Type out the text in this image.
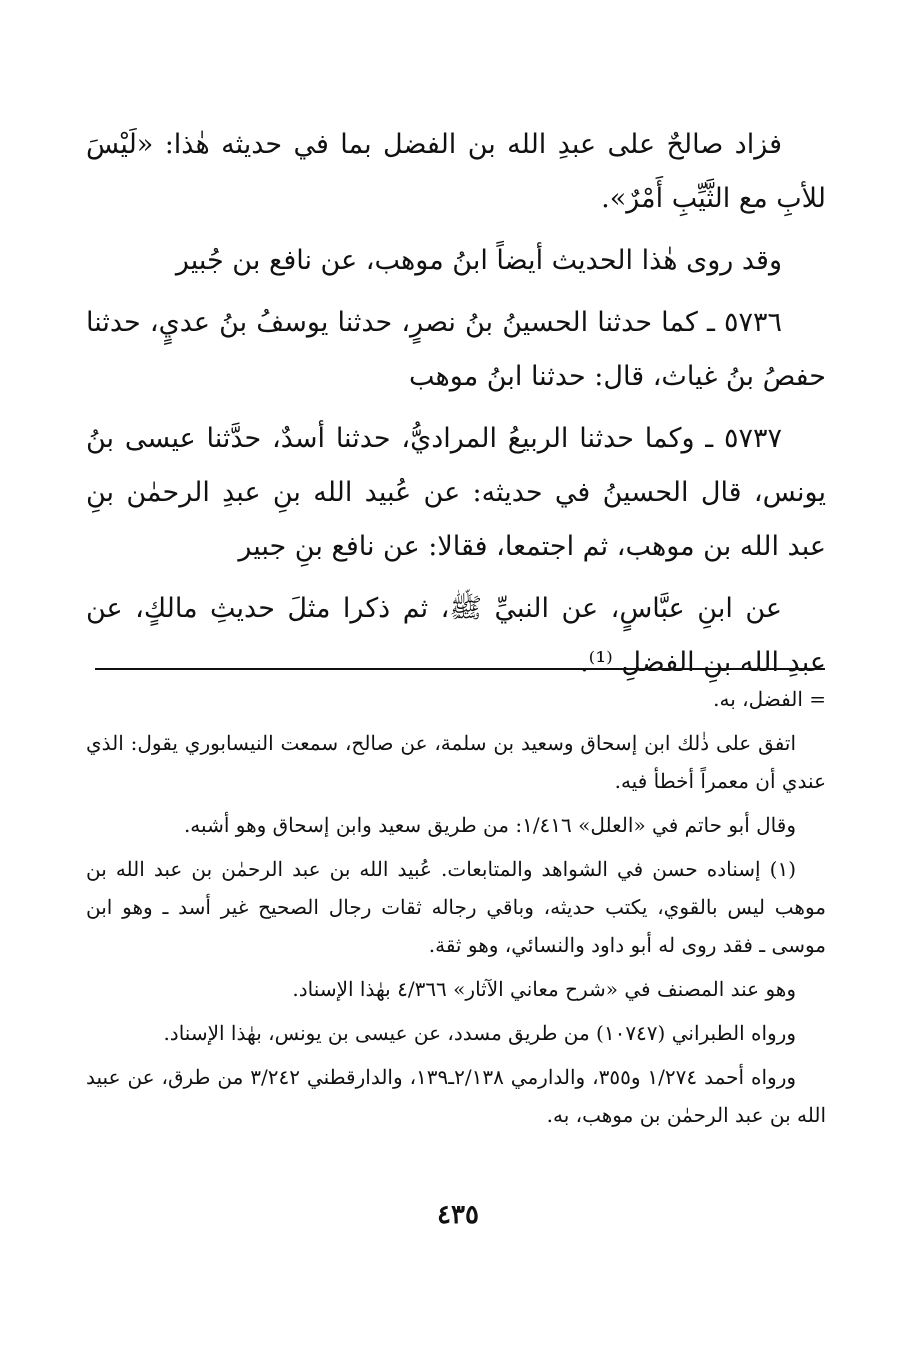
فزاد صالحٌ على عبدِ الله بن الفضل بما في حديثه هٰذا: «لَيْسَ للأبِ مع الثَّيِّبِ أَمْرٌ».

وقد روى هٰذا الحديث أيضاً ابنُ موهب، عن نافع بن جُبير

٥٧٣٦ ـ كما حدثنا الحسينُ بنُ نصرٍ، حدثنا يوسفُ بنُ عديٍ، حدثنا حفصُ بنُ غياث، قال: حدثنا ابنُ موهب

٥٧٣٧ ـ وكما حدثنا الربيعُ المراديُّ، حدثنا أسدٌ، حدَّثنا عيسى بنُ يونس، قال الحسينُ في حديثه: عن عُبيد الله بنِ عبدِ الرحمٰن بنِ عبد الله بن موهب، ثم اجتمعا، فقالا: عن نافع بنِ جبير

عن ابنِ عبَّاسٍ، عن النبيِّ ﷺ، ثم ذكرا مثلَ حديثِ مالكٍ، عن عبدِ الله بنِ الفضلِ ⁽¹⁾.

= الفضل، به.

اتفق على ذٰلك ابن إسحاق وسعيد بن سلمة، عن صالح، سمعت النيسابوري يقول: الذي عندي أن معمراً أخطأ فيه.

وقال أبو حاتم في «العلل» ١/٤١٦: من طريق سعيد وابن إسحاق وهو أشبه.

(١) إسناده حسن في الشواهد والمتابعات. عُبيد الله بن عبد الرحمٰن بن عبد الله بن موهب ليس بالقوي، يكتب حديثه، وباقي رجاله ثقات رجال الصحيح غير أسد ـ وهو ابن موسى ـ فقد روى له أبو داود والنسائي، وهو ثقة.

وهو عند المصنف في «شرح معاني الآثار» ٤/٣٦٦ بهٰذا الإسناد.

ورواه الطبراني (١٠٧٤٧) من طريق مسدد، عن عيسى بن يونس، بهٰذا الإسناد.

ورواه أحمد ١/٢٧٤ و٣٥٥، والدارمي ٢/١٣٨ـ١٣٩، والدارقطني ٣/٢٤٢ من طرق، عن عبيد الله بن عبد الرحمٰن بن موهب، به.

٤٣٥
